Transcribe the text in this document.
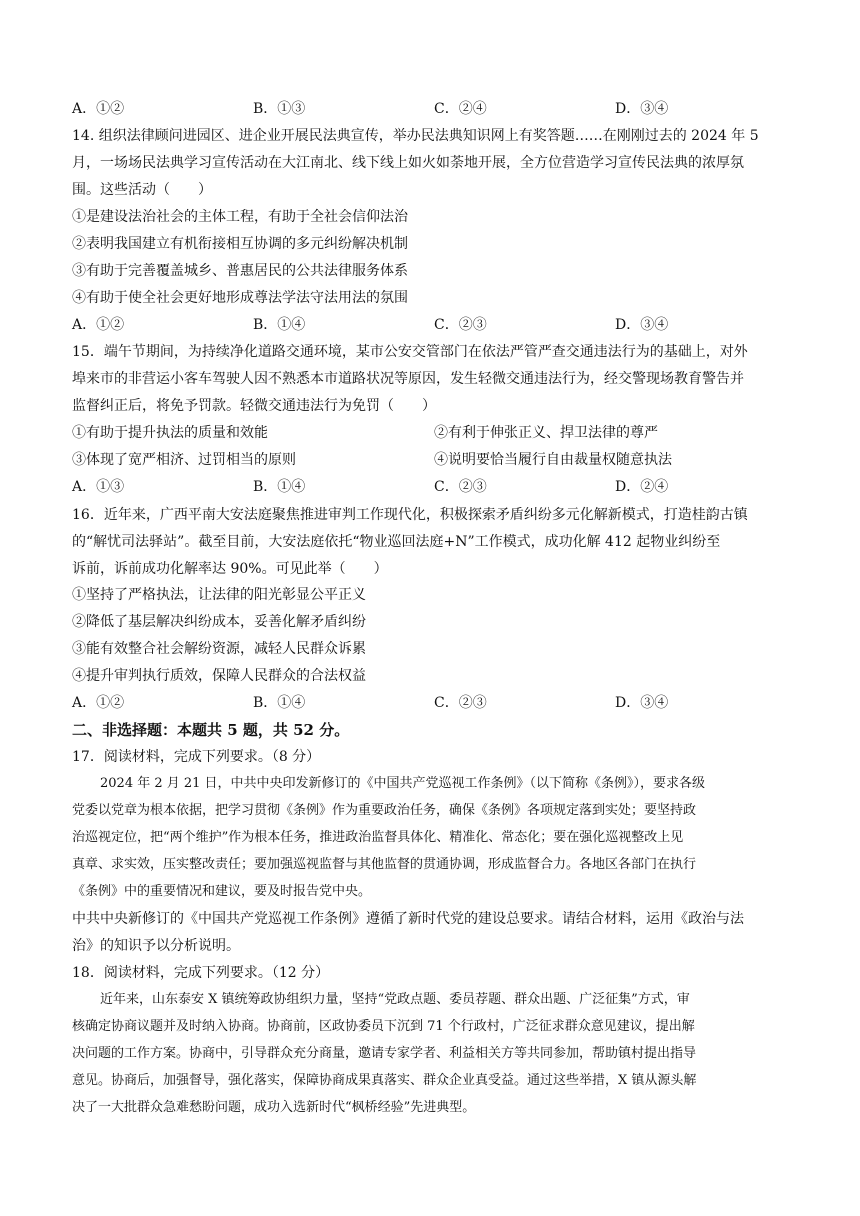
A．①②	B．①③	C．②④	D．③④
14. 组织法律顾问进园区、进企业开展民法典宣传，举办民法典知识网上有奖答题……在刚刚过去的 2024 年 5
月，一场场民法典学习宣传活动在大江南北、线下线上如火如荼地开展，全方位营造学习宣传民法典的浓厚氛
围。这些活动（　　）
①是建设法治社会的主体工程，有助于全社会信仰法治
②表明我国建立有机衔接相互协调的多元纠纷解决机制
③有助于完善覆盖城乡、普惠居民的公共法律服务体系
④有助于使全社会更好地形成尊法学法守法用法的氛围
A．①②	B．①④	C．②③	D．③④
15．端午节期间，为持续净化道路交通环境，某市公安交管部门在依法严管严查交通违法行为的基础上，对外
埠来市的非营运小客车驾驶人因不熟悉本市道路状况等原因，发生轻微交通违法行为，经交警现场教育警告并
监督纠正后，将免予罚款。轻微交通违法行为免罚（　　）
①有助于提升执法的质量和效能	②有利于伸张正义、捍卫法律的尊严
③体现了宽严相济、过罚相当的原则	④说明要恰当履行自由裁量权随意执法
A．①③	B．①④	C．②③	D．②④
16．近年来，广西平南大安法庭聚焦推进审判工作现代化，积极探索矛盾纠纷多元化解新模式，打造桂韵古镇
的“解忧司法驿站”。截至目前，大安法庭依托“物业巡回法庭+N”工作模式，成功化解 412 起物业纠纷至
诉前，诉前成功化解率达 90%。可见此举（　　）
①坚持了严格执法，让法律的阳光彰显公平正义
②降低了基层解决纠纷成本，妥善化解矛盾纠纷
③能有效整合社会解纷资源，减轻人民群众诉累
④提升审判执行质效，保障人民群众的合法权益
A．①②	B．①④	C．②③	D．③④
二、非选择题：本题共 5 题，共 52 分。
17．阅读材料，完成下列要求。（8 分）
2024 年 2 月 21 日，中共中央印发新修订的《中国共产党巡视工作条例》（以下简称《条例》），要求各级
党委以党章为根本依据，把学习贯彻《条例》作为重要政治任务，确保《条例》各项规定落到实处；要坚持政
治巡视定位，把“两个维护”作为根本任务，推进政治监督具体化、精准化、常态化；要在强化巡视整改上见
真章、求实效，压实整改责任；要加强巡视监督与其他监督的贯通协调，形成监督合力。各地区各部门在执行
《条例》中的重要情况和建议，要及时报告党中央。
中共中央新修订的《中国共产党巡视工作条例》遵循了新时代党的建设总要求。请结合材料，运用《政治与法
治》的知识予以分析说明。
18．阅读材料，完成下列要求。（12 分）
近年来，山东泰安 X 镇统筹政协组织力量，坚持“党政点题、委员荐题、群众出题、广泛征集”方式，审
核确定协商议题并及时纳入协商。协商前，区政协委员下沉到 71 个行政村，广泛征求群众意见建议，提出解
决问题的工作方案。协商中，引导群众充分商量，邀请专家学者、利益相关方等共同参加，帮助镇村提出指导
意见。协商后，加强督导，强化落实，保障协商成果真落实、群众企业真受益。通过这些举措，X 镇从源头解
决了一大批群众急难愁盼问题，成功入选新时代“枫桥经验”先进典型。
